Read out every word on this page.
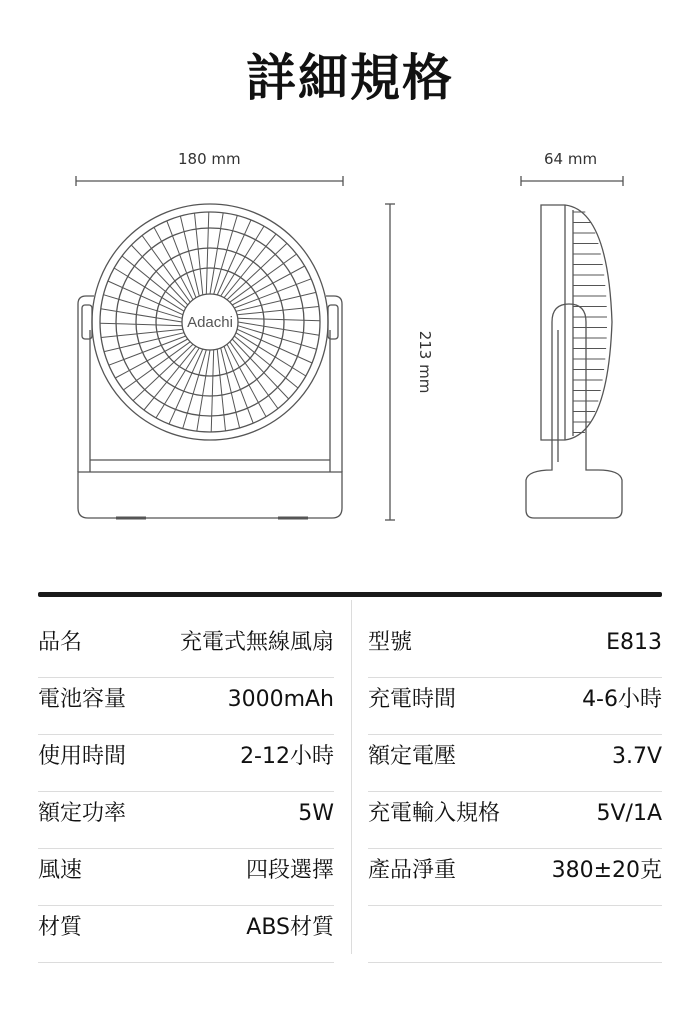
詳細規格
180 mm	64 mm
Adachi
213 mm
品名	充電式無線風扇 型號	E813
電池容量	3000mAh 充電時間	4-6小時
使用時間	2-12小時 額定電壓	3.7V
額定功率	5W 充電輸入規格	5V/1A
風速	四段選擇 產品淨重	380±20克
材質	ABS材質
